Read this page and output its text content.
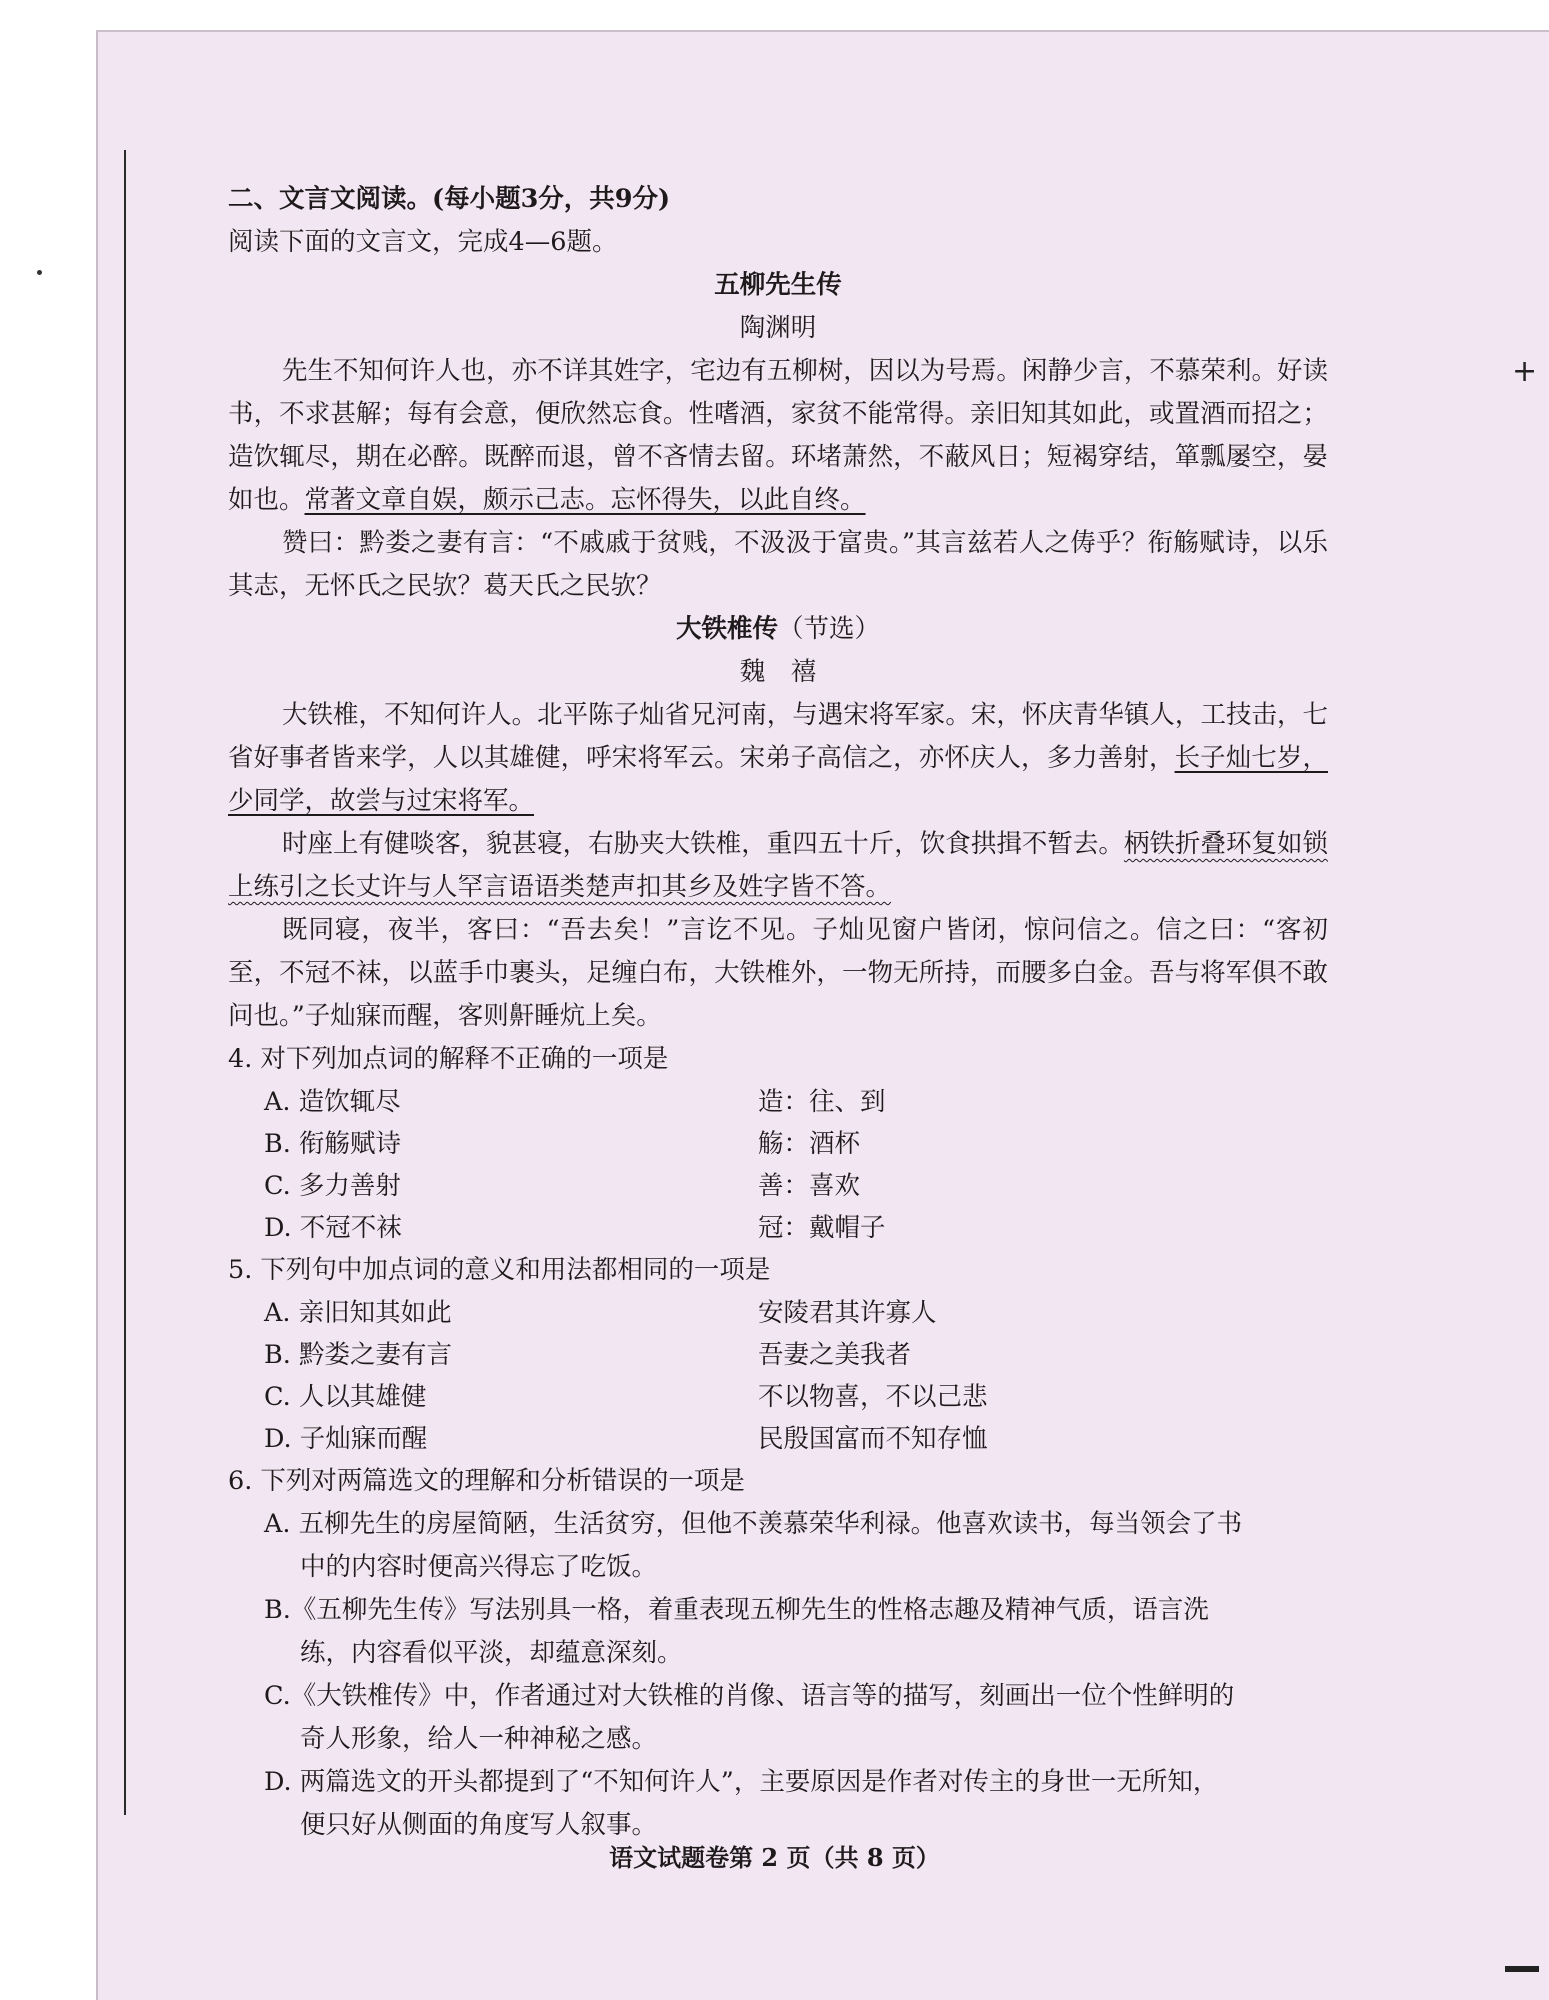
+
二、文言文阅读。(每小题3分，共9分)
阅读下面的文言文，完成4—6题。
五柳先生传
陶渊明

先生不知何许人也，亦不详其姓字，宅边有五柳树，因以为号焉。闲静少言，不慕荣利。好读书，不求甚解；每有会意，便欣然忘食。性嗜酒，家贫不能常得。亲旧知其如此，或置酒而招之；造饮辄尽，期在必醉。既醉而退，曾不吝情去留。环堵萧然，不蔽风日；短褐穿结，箪瓢屡空，晏如也。常著文章自娱，颇示己志。忘怀得失，以此自终。

赞曰：黔娄之妻有言：“不戚戚于贫贱，不汲汲于富贵。”其言兹若人之俦乎？衔觞赋诗，以乐其志，无怀氏之民欤？葛天氏之民欤？

大铁椎传（节选）
魏　禧

大铁椎，不知何许人。北平陈子灿省兄河南，与遇宋将军家。宋，怀庆青华镇人，工技击，七省好事者皆来学，人以其雄健，呼宋将军云。宋弟子高信之，亦怀庆人，多力善射，长子灿七岁，少同学，故尝与过宋将军。

时座上有健啖客，貌甚寝，右胁夹大铁椎，重四五十斤，饮食拱揖不暂去。柄铁折叠环复如锁上练引之长丈许与人罕言语语类楚声扣其乡及姓字皆不答。

既同寝，夜半，客曰：“吾去矣！”言讫不见。子灿见窗户皆闭，惊问信之。信之曰：“客初至，不冠不袜，以蓝手巾裹头，足缠白布，大铁椎外，一物无所持，而腰多白金。吾与将军俱不敢问也。”子灿寐而醒，客则鼾睡炕上矣。

4. 对下列加点词的解释不正确的一项是
A. 造饮辄尽	造：往、到
B. 衔觞赋诗	觞：酒杯
C. 多力善射	善：喜欢
D. 不冠不袜	冠：戴帽子
5. 下列句中加点词的意义和用法都相同的一项是
A. 亲旧知其如此	安陵君其许寡人
B. 黔娄之妻有言	吾妻之美我者
C. 人以其雄健	不以物喜，不以己悲
D. 子灿寐而醒	民殷国富而不知存恤
6. 下列对两篇选文的理解和分析错误的一项是
A. 五柳先生的房屋简陋，生活贫穷，但他不羡慕荣华利禄。他喜欢读书，每当领会了书
中的内容时便高兴得忘了吃饭。
B.《五柳先生传》写法别具一格，着重表现五柳先生的性格志趣及精神气质，语言洗
练，内容看似平淡，却蕴意深刻。
C.《大铁椎传》中，作者通过对大铁椎的肖像、语言等的描写，刻画出一位个性鲜明的
奇人形象，给人一种神秘之感。
D. 两篇选文的开头都提到了“不知何许人”，主要原因是作者对传主的身世一无所知，
便只好从侧面的角度写人叙事。
语文试题卷第 2 页（共 8 页）
